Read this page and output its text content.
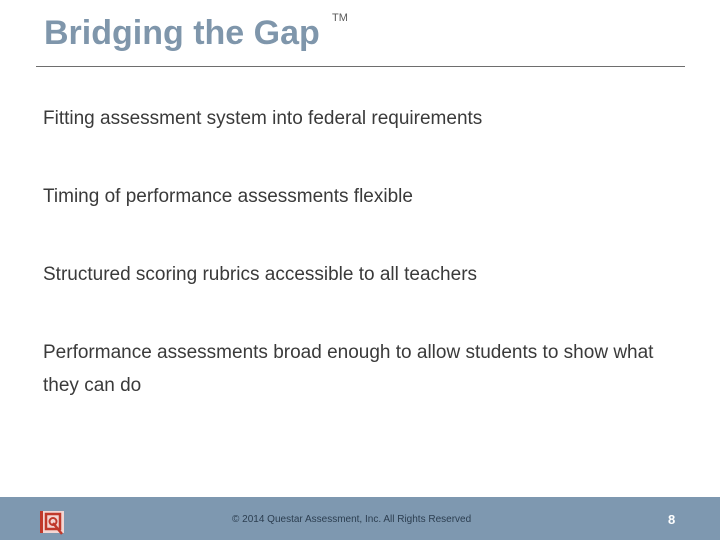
Bridging the Gap TM
Fitting assessment system into federal requirements
Timing of performance assessments flexible
Structured scoring rubrics accessible to all teachers
Performance assessments broad enough to allow students to show what they can do
© 2014 Questar Assessment, Inc. All Rights Reserved	8
